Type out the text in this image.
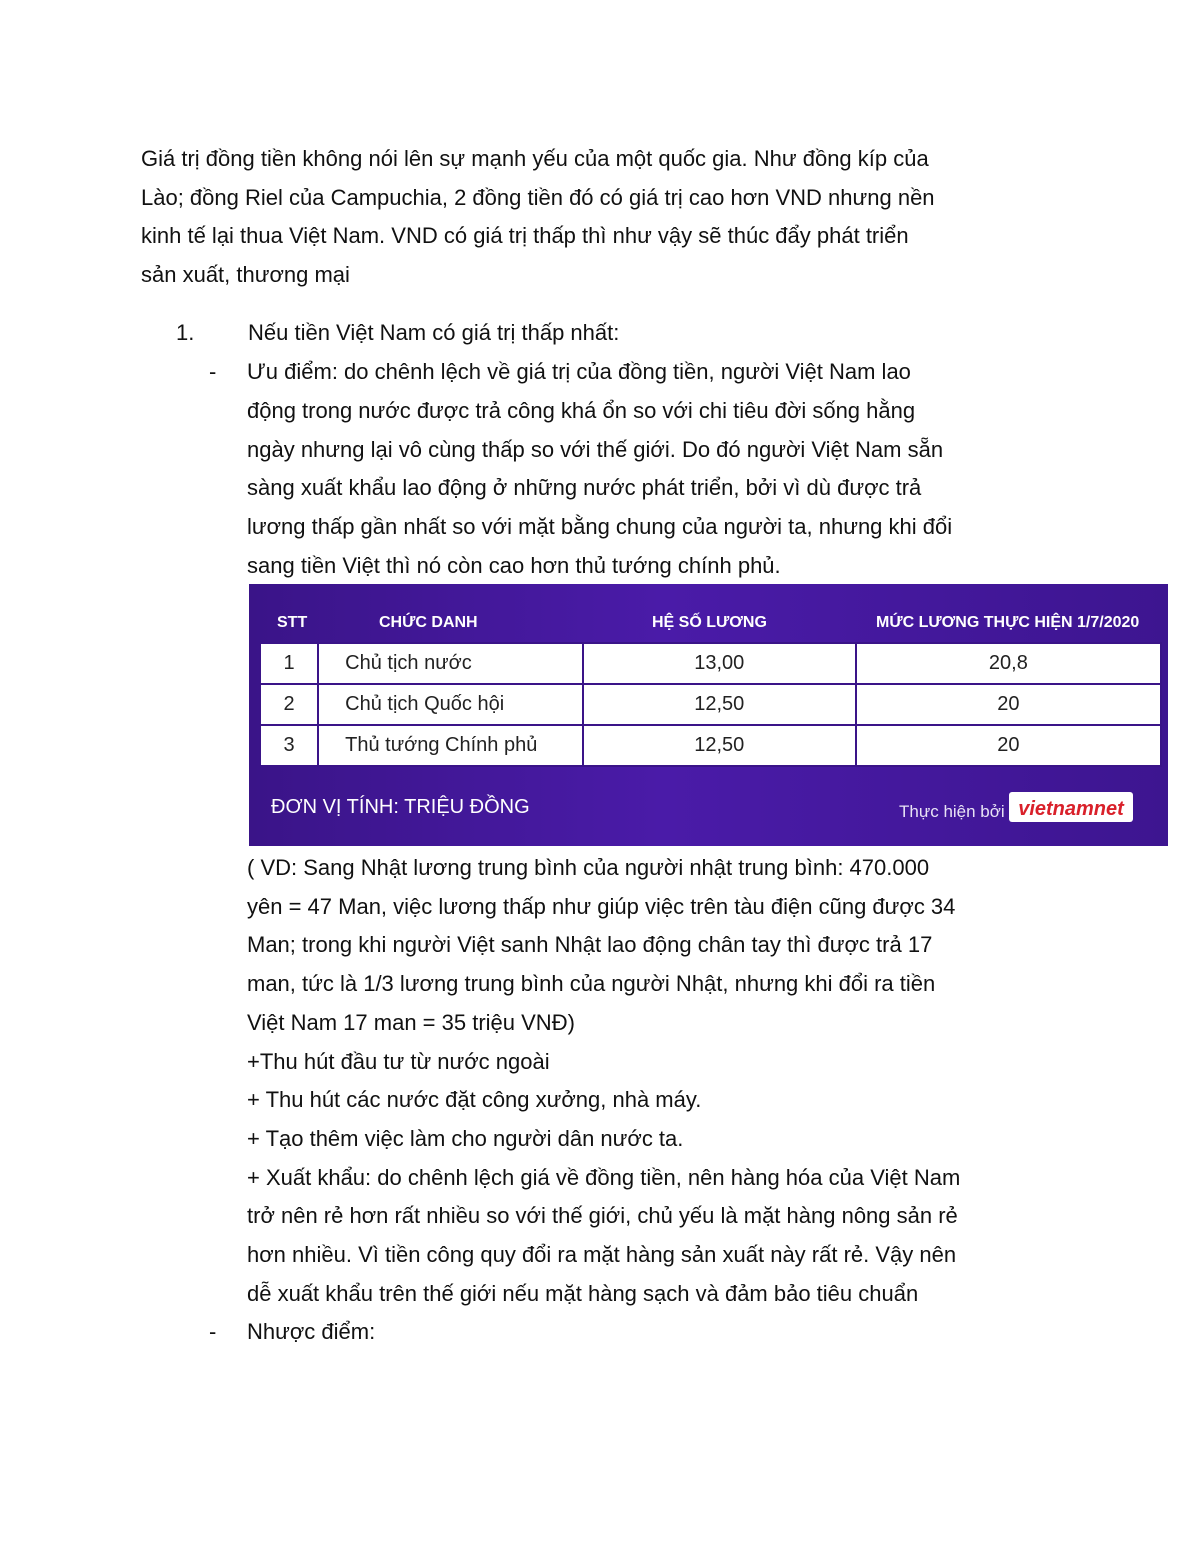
Giá trị đồng tiền không nói lên sự mạnh yếu của một quốc gia. Như đồng kíp của
Lào; đồng Riel của Campuchia, 2 đồng tiền đó có giá trị cao hơn VND nhưng nền
kinh tế lại thua Việt Nam. VND có giá trị thấp thì như vậy sẽ thúc đẩy phát triển
sản xuất, thương mại

1. Nếu tiền Việt Nam có giá trị thấp nhất:
- Ưu điểm: do chênh lệch về giá trị của đồng tiền, người Việt Nam lao

động trong nước được trả công khá ổn so với chi tiêu đời sống hằng
ngày nhưng lại vô cùng thấp so với thế giới. Do đó người Việt Nam sẵn
sàng xuất khẩu lao động ở những nước phát triển, bởi vì dù được trả
lương thấp gần nhất so với mặt bằng chung của người ta, nhưng khi đổi
sang tiền Việt thì nó còn cao hơn thủ tướng chính phủ.

STT	CHỨC DANH	HỆ SỐ LƯƠNG	MỨC LƯƠNG THỰC HIỆN 1/7/2020
1	Chủ tịch nước	13,00	20,8
2	Chủ tịch Quốc hội	12,50	20
3	Thủ tướng Chính phủ	12,50	20
ĐƠN VỊ TÍNH: TRIỆU ĐỒNG	Thực hiện bởi vietnamnet

( VD: Sang Nhật lương trung bình của người nhật trung bình: 470.000
yên = 47 Man, việc lương thấp như giúp việc trên tàu điện cũng được 34
Man; trong khi người Việt sanh Nhật lao động chân tay thì được trả 17
man, tức là 1/3 lương trung bình của người Nhật, nhưng khi đổi ra tiền
Việt Nam 17 man = 35 triệu VNĐ)
+Thu hút đầu tư từ nước ngoài
+ Thu hút các nước đặt công xưởng, nhà máy.
+ Tạo thêm việc làm cho người dân nước ta.
+ Xuất khẩu: do chênh lệch giá về đồng tiền, nên hàng hóa của Việt Nam
trở nên rẻ hơn rất nhiều so với thế giới, chủ yếu là mặt hàng nông sản rẻ
hơn nhiều. Vì tiền công quy đổi ra mặt hàng sản xuất này rất rẻ. Vậy nên
dễ xuất khẩu trên thế giới nếu mặt hàng sạch và đảm bảo tiêu chuẩn

- Nhược điểm:
